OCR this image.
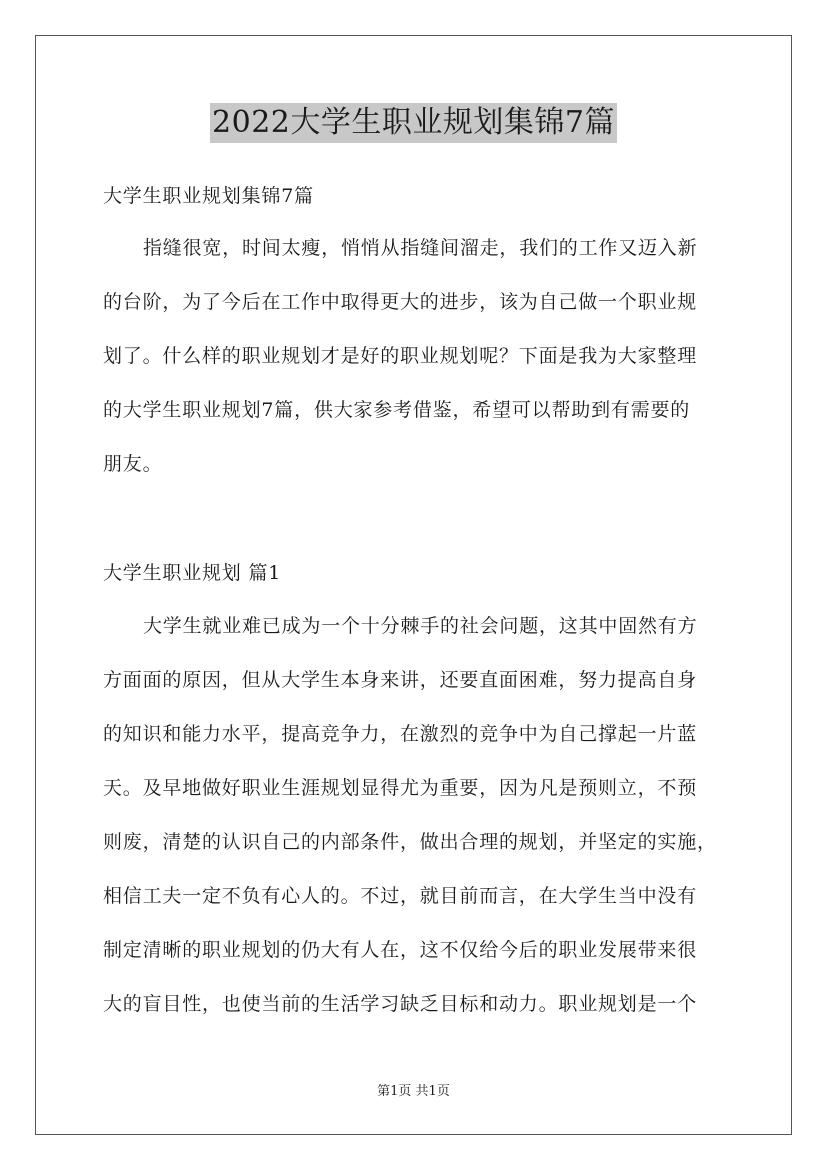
2022大学生职业规划集锦7篇
大学生职业规划集锦7篇
指缝很宽，时间太瘦，悄悄从指缝间溜走，我们的工作又迈入新
的台阶，为了今后在工作中取得更大的进步，该为自己做一个职业规
划了。什么样的职业规划才是好的职业规划呢？下面是我为大家整理
的大学生职业规划7篇，供大家参考借鉴，希望可以帮助到有需要的
朋友。
大学生职业规划 篇1
大学生就业难已成为一个十分棘手的社会问题，这其中固然有方
方面面的原因，但从大学生本身来讲，还要直面困难，努力提高自身
的知识和能力水平，提高竞争力，在激烈的竞争中为自己撑起一片蓝
天。及早地做好职业生涯规划显得尤为重要，因为凡是预则立，不预
则废，清楚的认识自己的内部条件，做出合理的规划，并坚定的实施，
相信工夫一定不负有心人的。不过，就目前而言，在大学生当中没有
制定清晰的职业规划的仍大有人在，这不仅给今后的职业发展带来很
大的盲目性，也使当前的生活学习缺乏目标和动力。职业规划是一个
第1页 共1页
